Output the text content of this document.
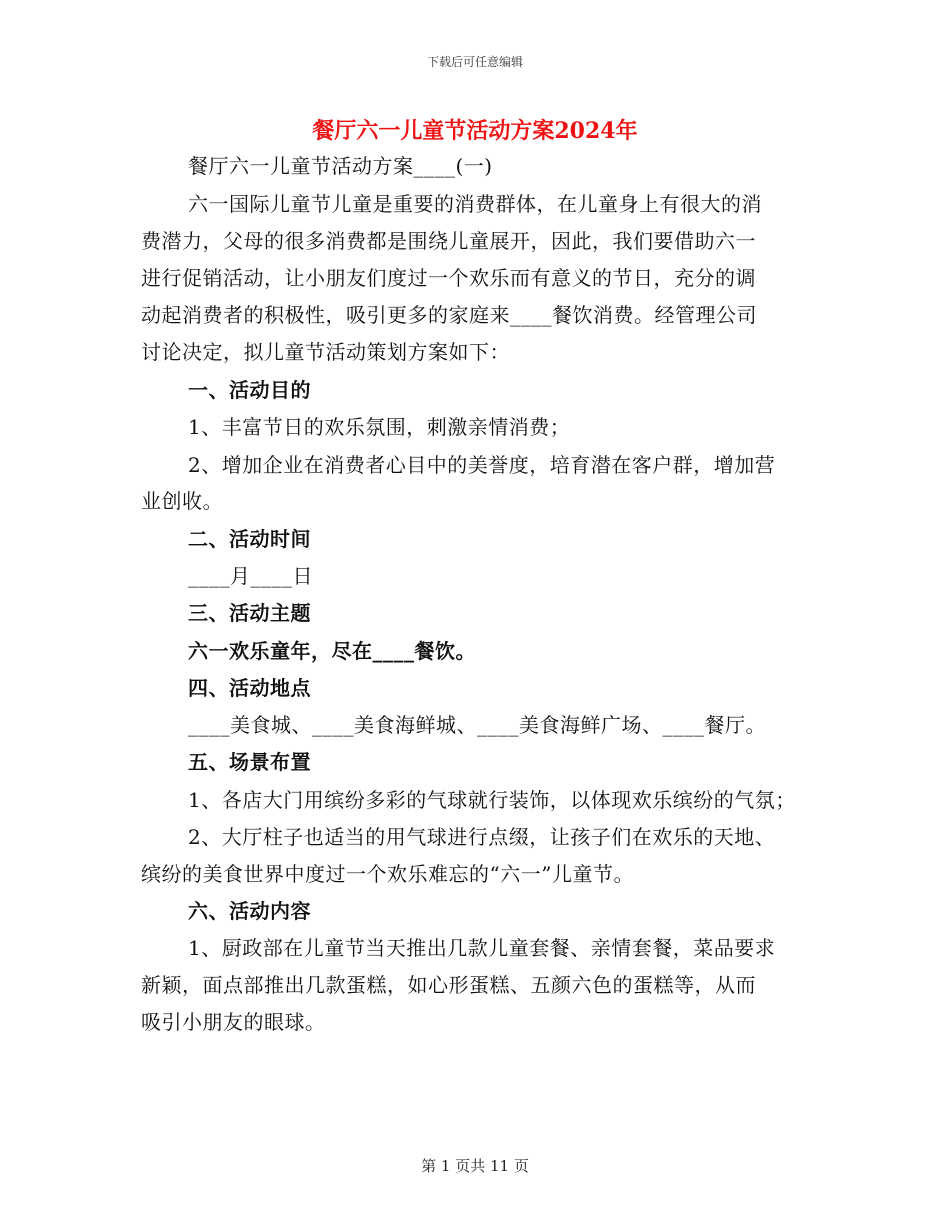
下载后可任意编辑
餐厅六一儿童节活动方案2024年
餐厅六一儿童节活动方案____(一)
六一国际儿童节儿童是重要的消费群体，在儿童身上有很大的消
费潜力，父母的很多消费都是围绕儿童展开，因此，我们要借助六一
进行促销活动，让小朋友们度过一个欢乐而有意义的节日，充分的调
动起消费者的积极性，吸引更多的家庭来____餐饮消费。经管理公司
讨论决定，拟儿童节活动策划方案如下：
一、活动目的
1、丰富节日的欢乐氛围，刺激亲情消费；
2、增加企业在消费者心目中的美誉度，培育潜在客户群，增加营
业创收。
二、活动时间
____月____日
三、活动主题
六一欢乐童年，尽在____餐饮。
四、活动地点
____美食城、____美食海鲜城、____美食海鲜广场、____餐厅。
五、场景布置
1、各店大门用缤纷多彩的气球就行装饰，以体现欢乐缤纷的气氛；
2、大厅柱子也适当的用气球进行点缀，让孩子们在欢乐的天地、
缤纷的美食世界中度过一个欢乐难忘的“六一”儿童节。
六、活动内容
1、厨政部在儿童节当天推出几款儿童套餐、亲情套餐，菜品要求
新颖，面点部推出几款蛋糕，如心形蛋糕、五颜六色的蛋糕等，从而
吸引小朋友的眼球。
第 1 页共 11 页
